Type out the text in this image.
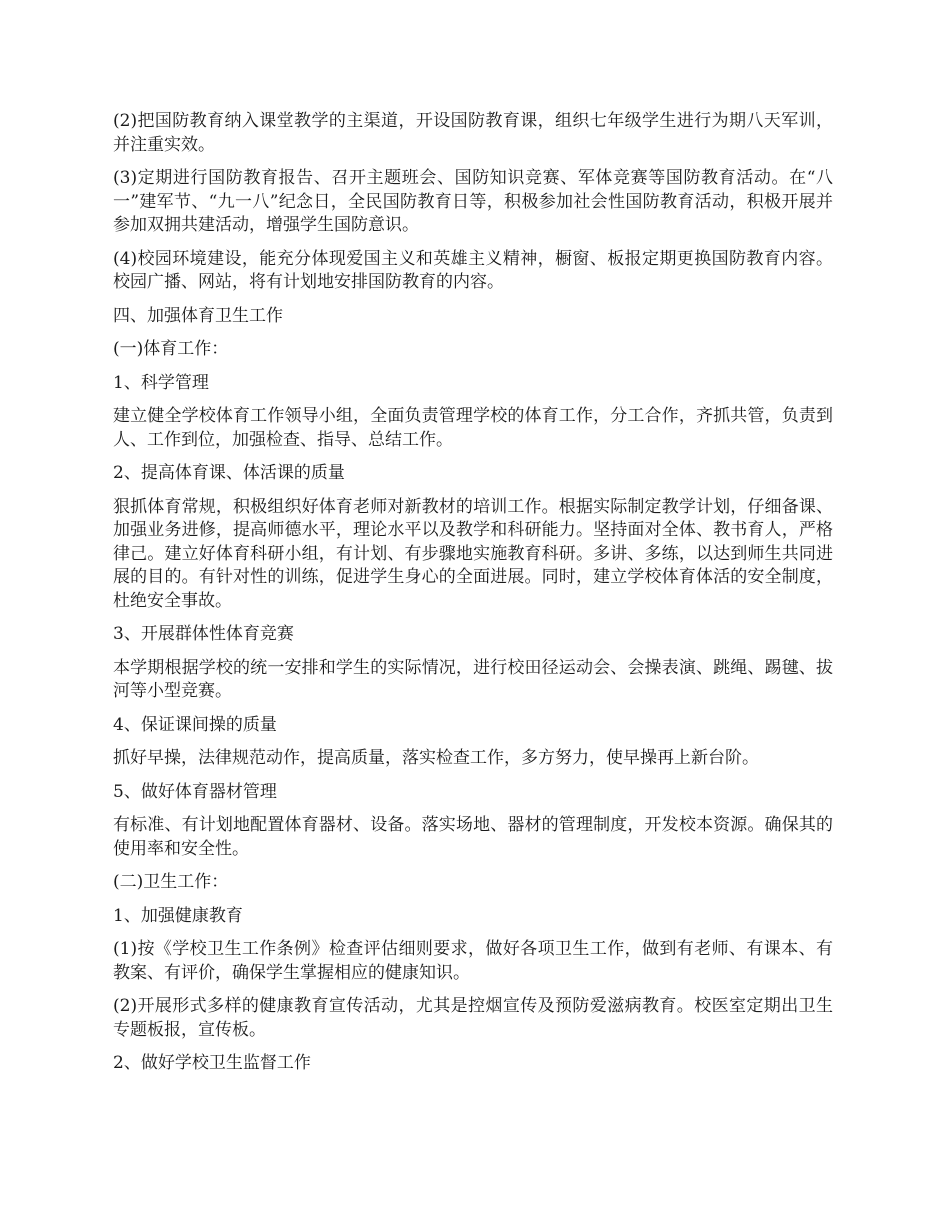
(2)把国防教育纳入课堂教学的主渠道，开设国防教育课，组织七年级学生进行为期八天军训，并注重实效。

(3)定期进行国防教育报告、召开主题班会、国防知识竞赛、军体竞赛等国防教育活动。在“八一”建军节、“九一八”纪念日，全民国防教育日等，积极参加社会性国防教育活动，积极开展并参加双拥共建活动，增强学生国防意识。

(4)校园环境建设，能充分体现爱国主义和英雄主义精神，橱窗、板报定期更换国防教育内容。校园广播、网站，将有计划地安排国防教育的内容。

四、加强体育卫生工作

(一)体育工作：

1、科学管理

建立健全学校体育工作领导小组，全面负责管理学校的体育工作，分工合作，齐抓共管，负责到人、工作到位，加强检查、指导、总结工作。

2、提高体育课、体活课的质量

狠抓体育常规，积极组织好体育老师对新教材的培训工作。根据实际制定教学计划，仔细备课、加强业务进修，提高师德水平，理论水平以及教学和科研能力。坚持面对全体、教书育人，严格律己。建立好体育科研小组，有计划、有步骤地实施教育科研。多讲、多练，以达到师生共同进展的目的。有针对性的训练，促进学生身心的全面进展。同时，建立学校体育体活的安全制度，杜绝安全事故。

3、开展群体性体育竞赛

本学期根据学校的统一安排和学生的实际情况，进行校田径运动会、会操表演、跳绳、踢毽、拔河等小型竞赛。

4、保证课间操的质量

抓好早操，法律规范动作，提高质量，落实检查工作，多方努力，使早操再上新台阶。

5、做好体育器材管理

有标准、有计划地配置体育器材、设备。落实场地、器材的管理制度，开发校本资源。确保其的使用率和安全性。

(二)卫生工作：

1、加强健康教育

(1)按《学校卫生工作条例》检查评估细则要求，做好各项卫生工作，做到有老师、有课本、有教案、有评价，确保学生掌握相应的健康知识。

(2)开展形式多样的健康教育宣传活动，尤其是控烟宣传及预防爱滋病教育。校医室定期出卫生专题板报，宣传板。

2、做好学校卫生监督工作
